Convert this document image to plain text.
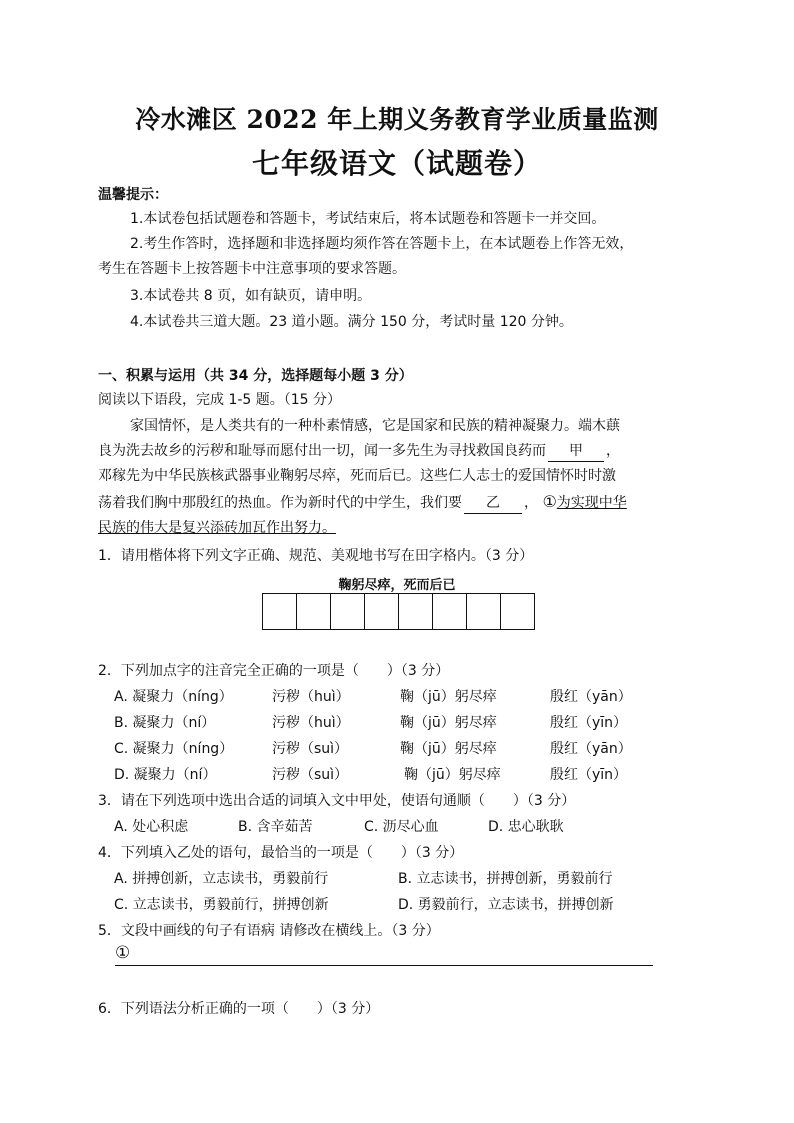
冷水滩区 2022 年上期义务教育学业质量监测
七年级语文（试题卷）
温馨提示：
1.本试卷包括试题卷和答题卡，考试结束后，将本试题卷和答题卡一并交回。
2.考生作答时，选择题和非选择题均须作答在答题卡上，在本试题卷上作答无效，
考生在答题卡上按答题卡中注意事项的要求答题。
3.本试卷共 8 页，如有缺页，请申明。
4.本试卷共三道大题。23 道小题。满分 150 分，考试时量 120 分钟。
一、积累与运用（共 34 分，选择题每小题 3 分）
阅读以下语段，完成 1-5 题。（15 分）
家国情怀，是人类共有的一种朴素情感，它是国家和民族的精神凝聚力。端木蕻
良为洗去故乡的污秽和耻辱而愿付出一切，闻一多先生为寻找救国良药而 甲 ，
邓稼先为中华民族核武器事业鞠躬尽瘁，死而后已。这些仁人志士的爱国情怀时时激
荡着我们胸中那殷红的热血。作为新时代的中学生，我们要 乙 ， ①为实现中华
民族的伟大是复兴添砖加瓦作出努力。
1．请用楷体将下列文字正确、规范、美观地书写在田字格内。（3 分）
鞠躬尽瘁，死而后已
2．下列加点字的注音完全正确的一项是（　　）（3 分）
A. 凝聚力（níng）	污秽（huì）	鞠（jū）躬尽瘁	殷红（yān）
B. 凝聚力（ní）	污秽（huì）	鞠（jū）躬尽瘁	殷红（yīn）
C. 凝聚力（níng）	污秽（suì）	鞠（jū）躬尽瘁	殷红（yān）
D. 凝聚力（ní）	污秽（suì）	鞠（jū）躬尽瘁	殷红（yīn）
3．请在下列选项中选出合适的词填入文中甲处，使语句通顺（　　）（3 分）
A. 处心积虑	B. 含辛茹苦	C. 沥尽心血	D. 忠心耿耿
4．下列填入乙处的语句，最恰当的一项是（　　）（3 分）
A. 拼搏创新，立志读书，勇毅前行	B. 立志读书，拼搏创新，勇毅前行
C. 立志读书，勇毅前行，拼搏创新	D. 勇毅前行，立志读书，拼搏创新
5．文段中画线的句子有语病 请修改在横线上。（3 分）
①
6．下列语法分析正确的一项（　　）（3 分）
